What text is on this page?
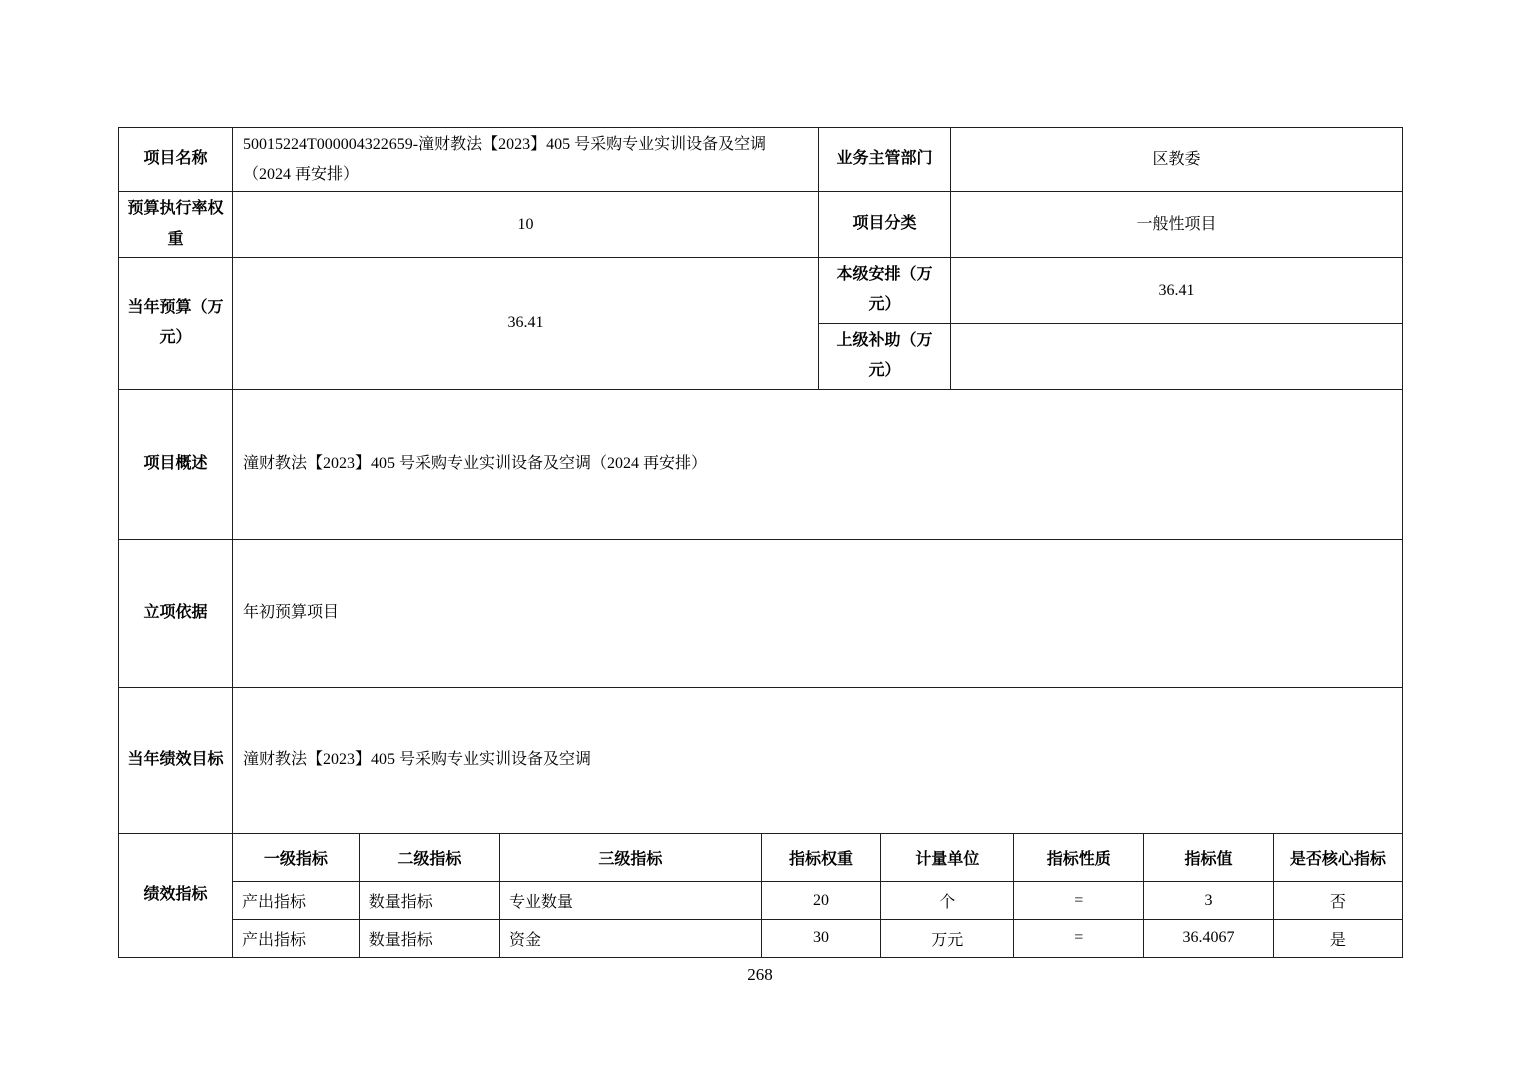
项目名称	50015224T000004322659-潼财教法【2023】405 号采购专业实训设备及空调（2024 再安排）	业务主管部门	区教委
预算执行率权重	10	项目分类	一般性项目
当年预算（万元）	36.41	本级安排（万元）	36.41
上级补助（万元）	
项目概述	潼财教法【2023】405 号采购专业实训设备及空调（2024 再安排）
立项依据	年初预算项目
当年绩效目标	潼财教法【2023】405 号采购专业实训设备及空调
绩效指标	
一级指标	二级指标	三级指标	指标权重	计量单位	指标性质	指标值	是否核心指标
产出指标	数量指标	专业数量	20	个	=	3	否
产出指标	数量指标	资金	30	万元	=	36.4067	是
268
